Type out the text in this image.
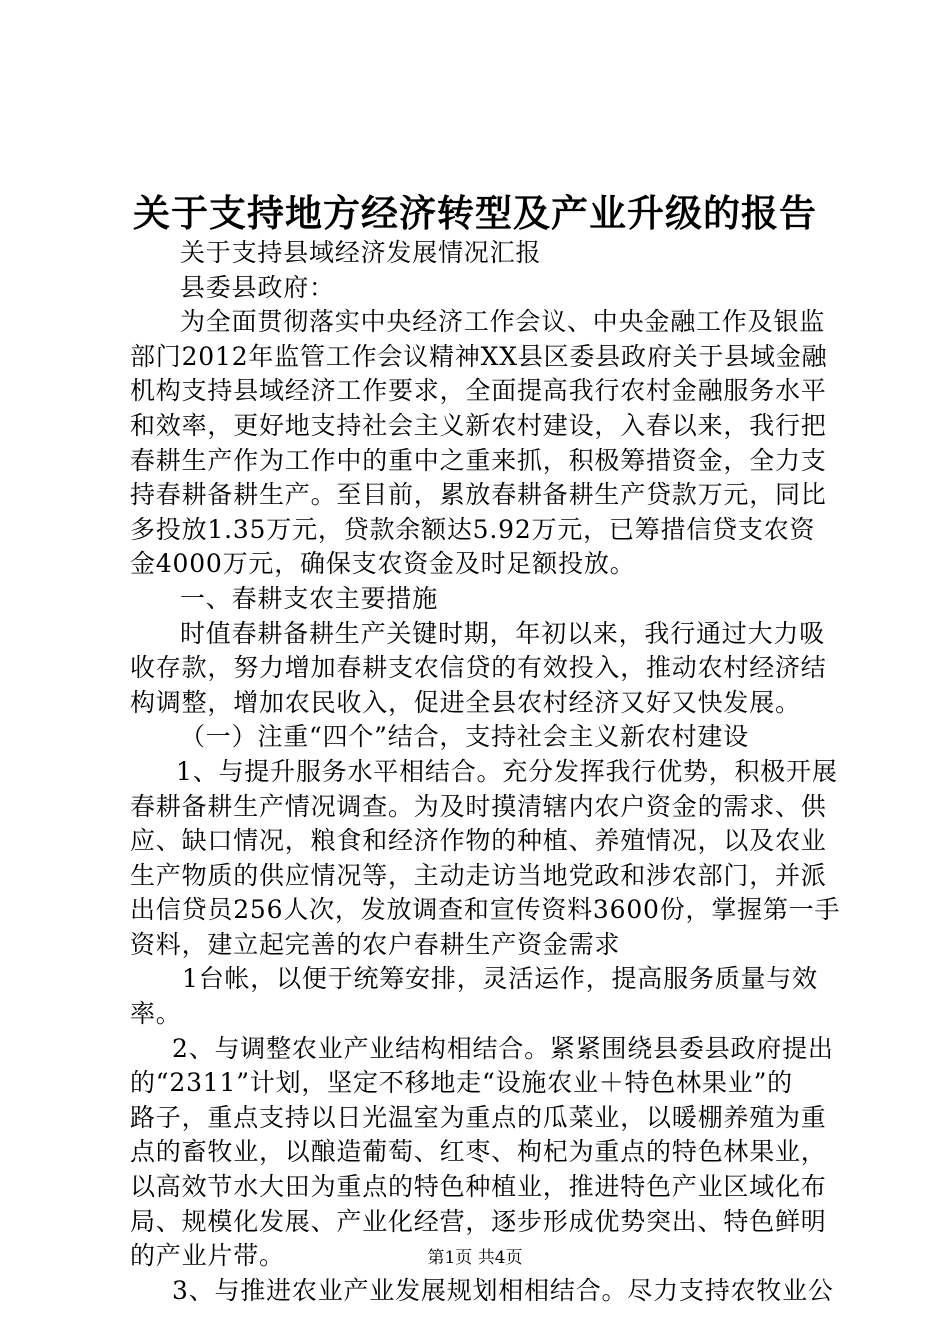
关于支持地方经济转型及产业升级的报告
关于支持县域经济发展情况汇报
县委县政府：
为全面贯彻落实中央经济工作会议、中央金融工作及银监
部门2012年监管工作会议精神XX县区委县政府关于县域金融
机构支持县域经济工作要求，全面提高我行农村金融服务水平
和效率，更好地支持社会主义新农村建设，入春以来，我行把
春耕生产作为工作中的重中之重来抓，积极筹措资金，全力支
持春耕备耕生产。至目前，累放春耕备耕生产贷款万元，同比
多投放1.35万元，贷款余额达5.92万元，已筹措信贷支农资
金4000万元，确保支农资金及时足额投放。
一、春耕支农主要措施
时值春耕备耕生产关键时期，年初以来，我行通过大力吸
收存款，努力增加春耕支农信贷的有效投入，推动农村经济结
构调整，增加农民收入，促进全县农村经济又好又快发展。
（一）注重“四个”结合，支持社会主义新农村建设
1、与提升服务水平相结合。充分发挥我行优势，积极开展
春耕备耕生产情况调查。为及时摸清辖内农户资金的需求、供
应、缺口情况，粮食和经济作物的种植、养殖情况，以及农业
生产物质的供应情况等，主动走访当地党政和涉农部门，并派
出信贷员256人次，发放调查和宣传资料3600份，掌握第一手
资料，建立起完善的农户春耕生产资金需求
1台帐，以便于统筹安排，灵活运作，提高服务质量与效
率。
2、与调整农业产业结构相结合。紧紧围绕县委县政府提出
的“2311”计划，坚定不移地走“设施农业＋特色林果业”的
路子，重点支持以日光温室为重点的瓜菜业，以暖棚养殖为重
点的畜牧业，以酿造葡萄、红枣、枸杞为重点的特色林果业，
以高效节水大田为重点的特色种植业，推进特色产业区域化布
局、规模化发展、产业化经营，逐步形成优势突出、特色鲜明
的产业片带。
3、与推进农业产业发展规划相相结合。尽力支持农牧业公
第1页 共4页
